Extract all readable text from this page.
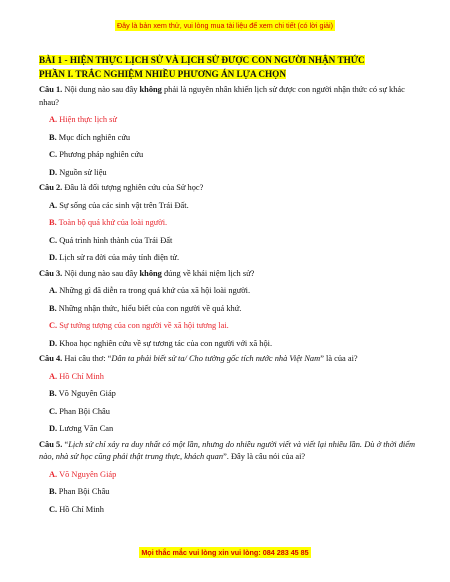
Đây là bản xem thử, vui lòng mua tài liệu để xem chi tiết (có lời giải)
BÀI 1 - HIỆN THỰC LỊCH SỬ VÀ LỊCH SỬ ĐƯỢC CON NGƯỜI NHẬN THỨC
PHẦN I. TRẮC NGHIỆM NHIỀU PHƯƠNG ÁN LỰA CHỌN
Câu 1. Nội dung nào sau đây không phải là nguyên nhân khiến lịch sử được con người nhận thức có sự khác nhau?
A. Hiện thực lịch sử
B. Mục đích nghiên cứu
C. Phương pháp nghiên cứu
D. Nguồn sử liệu
Câu 2. Đâu là đối tượng nghiên cứu của Sử học?
A. Sự sống của các sinh vật trên Trái Đất.
B. Toàn bộ quá khứ của loài người.
C. Quá trình hình thành của Trái Đất
D. Lịch sử ra đời của máy tính điện tử.
Câu 3. Nội dung nào sau đây không đúng về khái niệm lịch sử?
A. Những gì đã diễn ra trong quá khứ của xã hội loài người.
B. Những nhận thức, hiểu biết của con người về quá khứ.
C. Sự tưởng tượng của con người về xã hội tương lai.
D. Khoa học nghiên cứu về sự tương tác của con người với xã hội.
Câu 4. Hai câu thơ: “Dân ta phải biết sử ta/ Cho tường gốc tích nước nhà Việt Nam” là của ai?
A. Hồ Chí Minh
B. Võ Nguyên Giáp
C. Phan Bội Châu
D. Lương Văn Can
Câu 5. “Lịch sử chỉ xảy ra duy nhất có một lần, nhưng do nhiều người viết và viết lại nhiều lần. Dù ở thời điểm nào, nhà sử học cũng phải thật trung thực, khách quan”. Đây là câu nói của ai?
A. Võ Nguyên Giáp
B. Phan Bội Châu
C. Hồ Chí Minh
Mọi thắc mắc vui lòng xin vui lòng: 084 283 45 85
